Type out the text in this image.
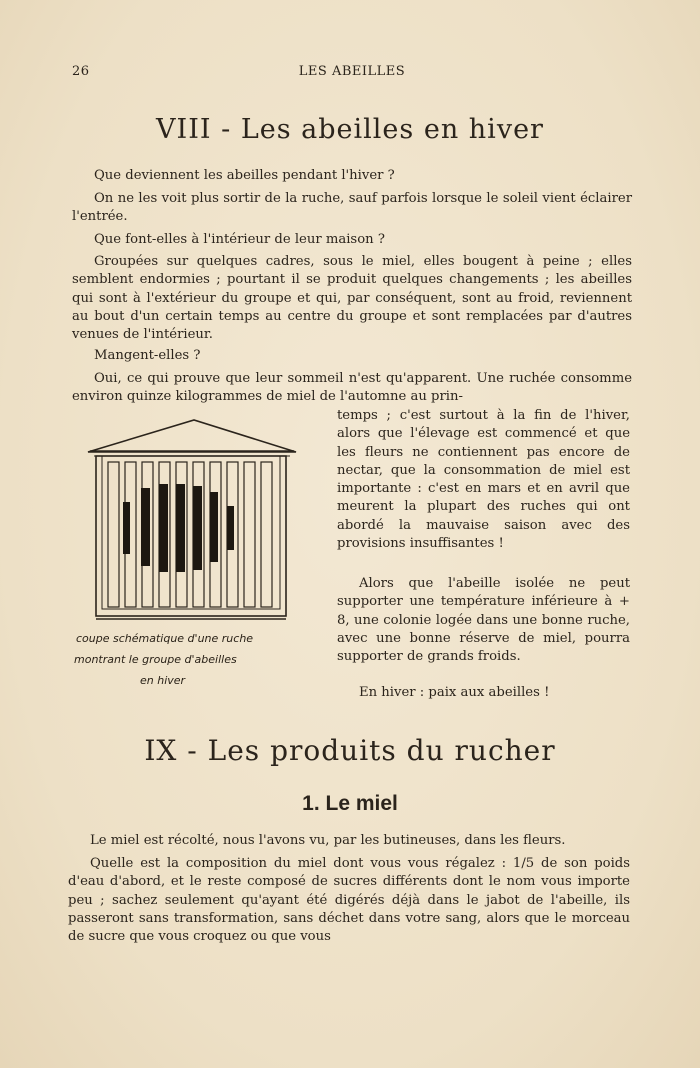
26	LES ABEILLES
VIII - Les abeilles en hiver
Que deviennent les abeilles pendant l'hiver ?
On ne les voit plus sortir de la ruche, sauf parfois lorsque le soleil vient éclairer l'entrée.
Que font-elles à l'intérieur de leur maison ?
Groupées sur quelques cadres, sous le miel, elles bougent à peine ; elles semblent endormies ; pourtant il se produit quelques changements ; les abeilles qui sont à l'extérieur du groupe et qui, par conséquent, sont au froid, reviennent au bout d'un certain temps au centre du groupe et sont remplacées par d'autres venues de l'intérieur.
Mangent-elles ?
Oui, ce qui prouve que leur sommeil n'est qu'apparent. Une ruchée consomme environ quinze kilogrammes de miel de l'automne au prin-
temps ; c'est surtout à la fin de l'hiver, alors que l'élevage est commencé et que les fleurs ne contiennent pas encore de nectar, que la consommation de miel est importante : c'est en mars et en avril que meurent la plupart des ruches qui ont abordé la mauvaise saison avec des provisions insuffisantes !
Alors que l'abeille isolée ne peut supporter une température inférieure à + 8, une colonie logée dans une bonne ruche, avec une bonne réserve de miel, pourra supporter de grands froids.
En hiver : paix aux abeilles !
coupe schématique d'une ruche
montrant le groupe d'abeilles
en hiver
IX - Les produits du rucher
1. Le miel
Le miel est récolté, nous l'avons vu, par les butineuses, dans les fleurs.
Quelle est la composition du miel dont vous vous régalez : 1/5 de son poids d'eau d'abord, et le reste composé de sucres différents dont le nom vous importe peu ; sachez seulement qu'ayant été digérés déjà dans le jabot de l'abeille, ils passeront sans transformation, sans déchet dans votre sang, alors que le morceau de sucre que vous croquez ou que vous
